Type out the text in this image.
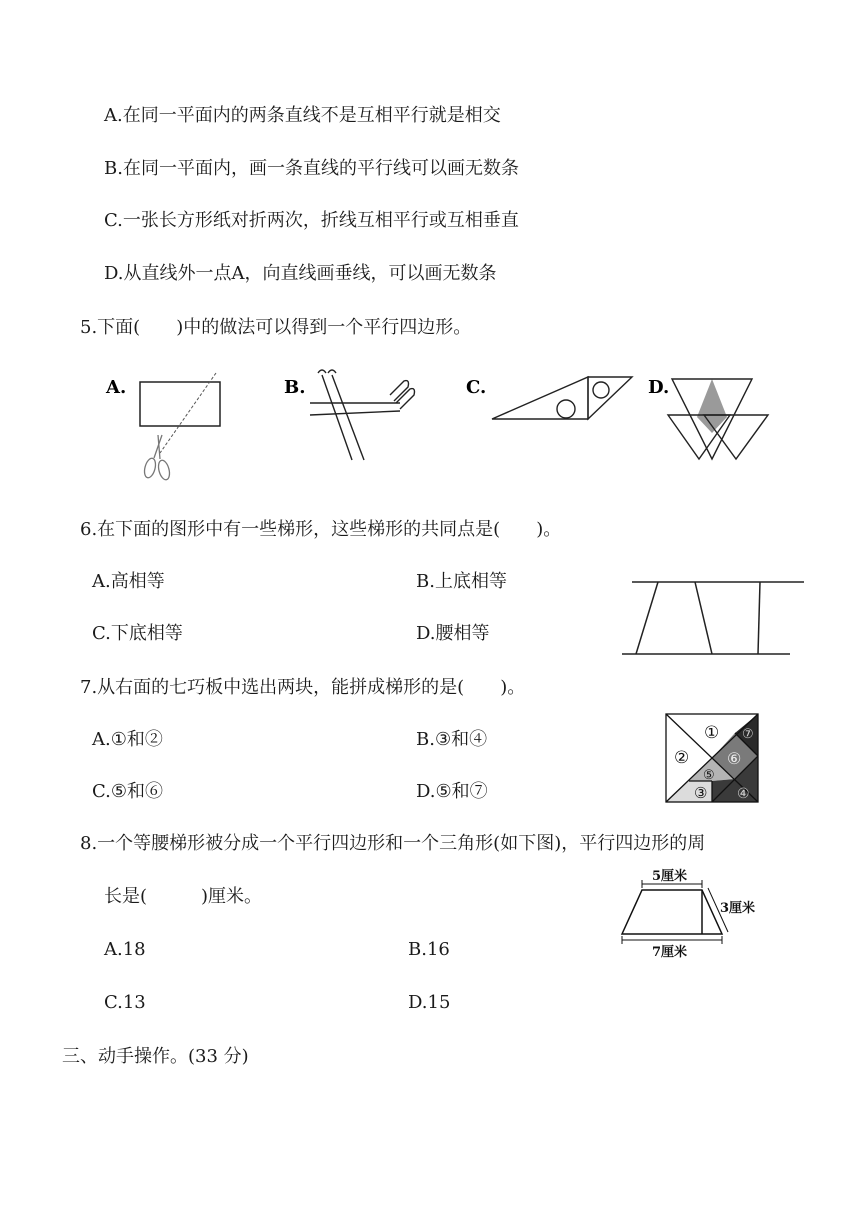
A.在同一平面内的两条直线不是互相平行就是相交
B.在同一平面内，画一条直线的平行线可以画无数条
C.一张长方形纸对折两次，折线互相平行或互相垂直
D.从直线外一点A，向直线画垂线，可以画无数条
5.下面(　　)中的做法可以得到一个平行四边形。
A.	B.	C.	D.
6.在下面的图形中有一些梯形，这些梯形的共同点是(　　)。
A.高相等	B.上底相等
C.下底相等	D.腰相等
7.从右面的七巧板中选出两块，能拼成梯形的是(　　)。
A.①和②	B.③和④
C.⑤和⑥	D.⑤和⑦
①
②
③ ④
⑤
⑥
⑦
8.一个等腰梯形被分成一个平行四边形和一个三角形(如下图)，平行四边形的周
长是(　　　)厘米。
A.18	B.16
C.13	D.15
5厘米
3厘米
7厘米
三、动手操作。(33 分)
